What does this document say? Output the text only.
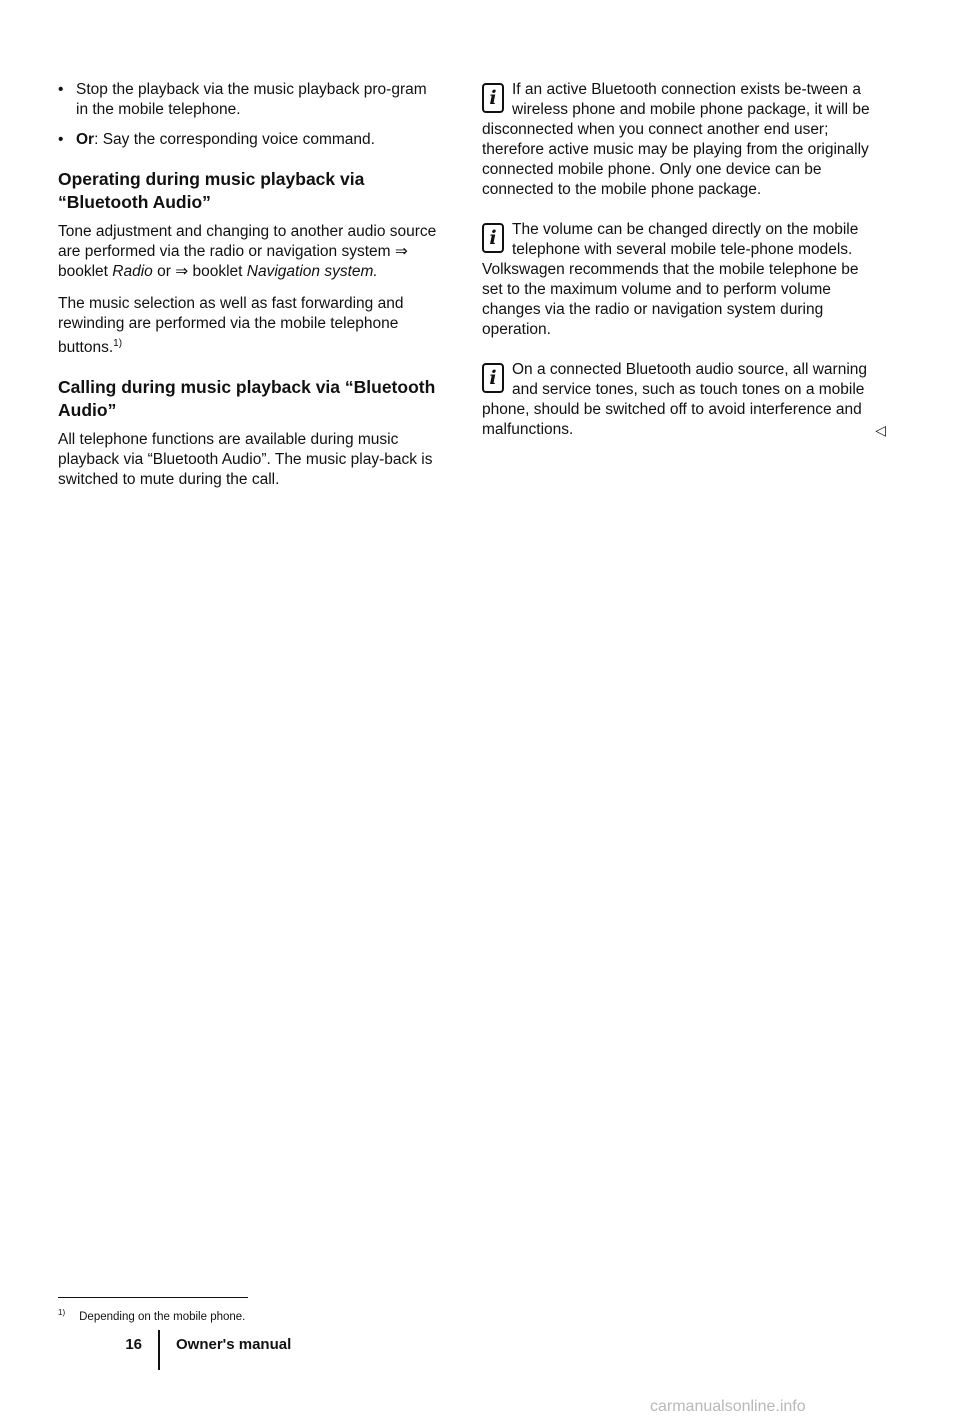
• Stop the playback via the music playback pro-gram in the mobile telephone.
• Or: Say the corresponding voice command.
Operating during music playback via “Bluetooth Audio”

Tone adjustment and changing to another audio source are performed via the radio or navigation system ⇒ booklet Radio or ⇒ booklet Navigation system.

The music selection as well as fast forwarding and rewinding are performed via the mobile telephone buttons.$^{1)}$

Calling during music playback via “Bluetooth Audio”

All telephone functions are available during music playback via “Bluetooth Audio”. The music play-back is switched to mute during the call.

i If an active Bluetooth connection exists be-tween a wireless phone and mobile phone package, it will be disconnected when you connect another end user; therefore active music may be playing from the originally connected mobile phone. Only one device can be connected to the mobile phone package.
i The volume can be changed directly on the mobile telephone with several mobile tele-phone models. Volkswagen recommends that the mobile telephone be set to the maximum volume and to perform volume changes via the radio or navigation system during operation.
i On a connected Bluetooth audio source, all warning and service tones, such as touch tones on a mobile phone, should be switched off to avoid interference and malfunctions.	◁
$^{1)}$ Depending on the mobile phone.
16 Owner's manual
carmanualsonline.info
